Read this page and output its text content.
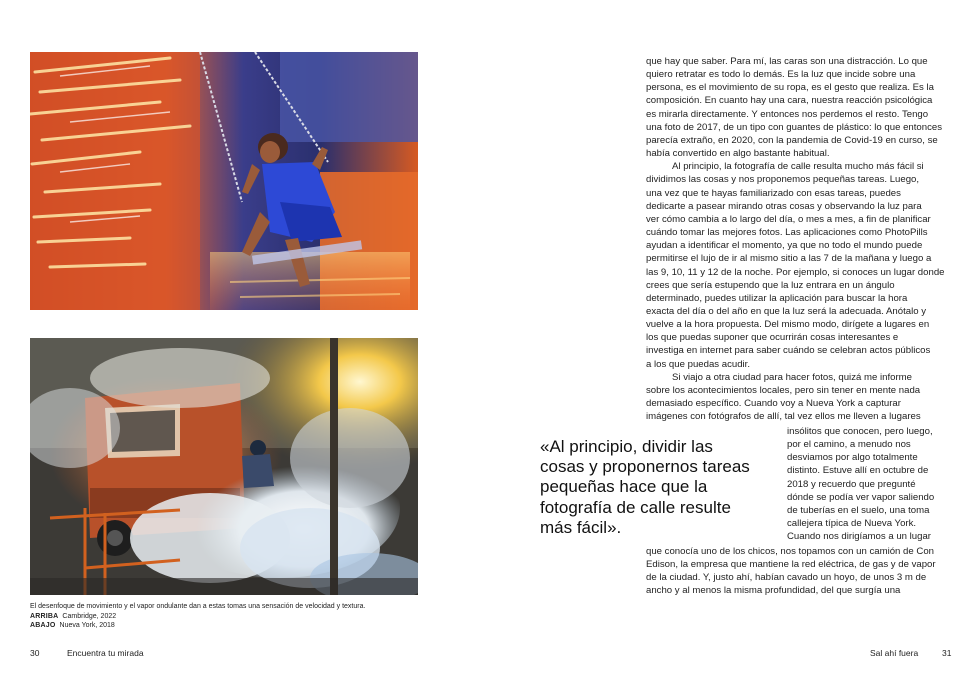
El desenfoque de movimiento y el vapor ondulante dan a estas tomas una sensación de velocidad y textura.
ARRIBA Cambridge, 2022
ABAJO Nueva York, 2018
30	Encuentra tu mirada	Sal ahí fuera	31

«Al principio, dividir las

cosas y proponernos tareas

pequeñas hace que la

fotografía de calle resulte

más fácil».

que hay que saber. Para mí, las caras son una distracción. Lo que

quiero retratar es todo lo demás. Es la luz que incide sobre una

persona, es el movimiento de su ropa, es el gesto que realiza. Es la

composición. En cuanto hay una cara, nuestra reacción psicológica

es mirarla directamente. Y entonces nos perdemos el resto. Tengo

una foto de 2017, de un tipo con guantes de plástico: lo que entonces

parecía extraño, en 2020, con la pandemia de Covid-19 en curso, se

había convertido en algo bastante habitual.

Al principio, la fotografía de calle resulta mucho más fácil si

dividimos las cosas y nos proponemos pequeñas tareas. Luego,

una vez que te hayas familiarizado con esas tareas, puedes

dedicarte a pasear mirando otras cosas y observando la luz para

ver cómo cambia a lo largo del día, o mes a mes, a fin de planificar

cuándo tomar las mejores fotos. Las aplicaciones como PhotoPills

ayudan a identificar el momento, ya que no todo el mundo puede

permitirse el lujo de ir al mismo sitio a las 7 de la mañana y luego a

las 9, 10, 11 y 12 de la noche. Por ejemplo, si conoces un lugar donde

crees que sería estupendo que la luz entrara en un ángulo

determinado, puedes utilizar la aplicación para buscar la hora

exacta del día o del año en que la luz será la adecuada. Anótalo y

vuelve a la hora propuesta. Del mismo modo, dirígete a lugares en

los que puedas suponer que ocurrirán cosas interesantes e

investiga en internet para saber cuándo se celebran actos públicos

a los que puedas acudir.

Si viajo a otra ciudad para hacer fotos, quizá me informe

sobre los acontecimientos locales, pero sin tener en mente nada

demasiado específico. Cuando voy a Nueva York a capturar

imágenes con fotógrafos de allí, tal vez ellos me lleven a lugares

insólitos que conocen, pero luego,

por el camino, a menudo nos

desviamos por algo totalmente

distinto. Estuve allí en octubre de

2018 y recuerdo que pregunté

dónde se podía ver vapor saliendo

de tuberías en el suelo, una toma

callejera típica de Nueva York.

Cuando nos dirigíamos a un lugar

que conocía uno de los chicos, nos topamos con un camión de Con

Edison, la empresa que mantiene la red eléctrica, de gas y de vapor

de la ciudad. Y, justo ahí, habían cavado un hoyo, de unos 3 m de

ancho y al menos la misma profundidad, del que surgía una
